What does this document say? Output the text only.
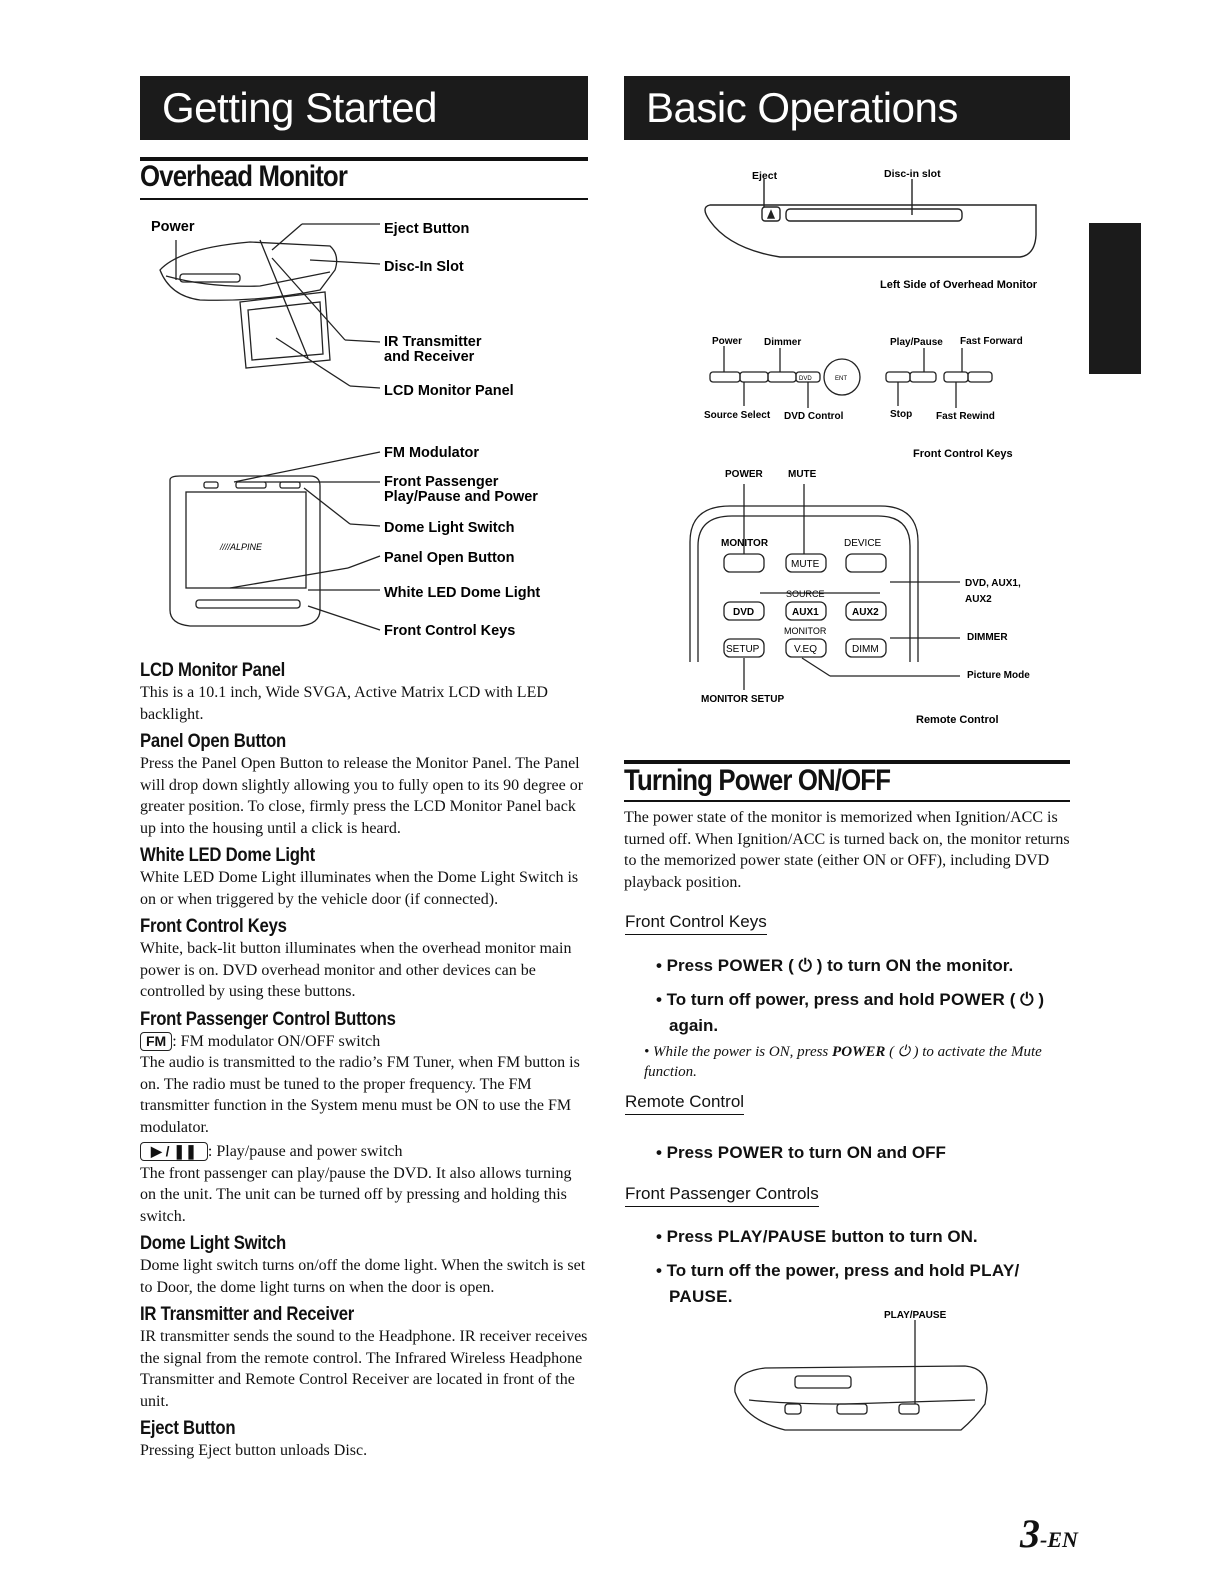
Getting Started
Overhead Monitor
Power	Eject Button
Disc-In Slot
IR Transmitter
and Receiver
LCD Monitor Panel
////ALPINE
FM Modulator
Front Passenger
Play/Pause and Power
Dome Light Switch
Panel Open Button
White LED Dome Light
Front Control Keys
LCD Monitor Panel
This is a 10.1 inch, Wide SVGA, Active Matrix LCD with LED backlight.
Panel Open Button
Press the Panel Open Button to release the Monitor Panel. The Panel will drop down slightly allowing you to fully open to its 90 degree or greater position. To close, firmly press the LCD Monitor Panel back up into the housing until a click is heard.
White LED Dome Light
White LED Dome Light illuminates when the Dome Light Switch is on or when triggered by the vehicle door (if connected).
Front Control Keys
White, back-lit button illuminates when the overhead monitor main power is on. DVD overhead monitor and other devices can be controlled by using these buttons.
Front Passenger Control Buttons
FM : FM modulator ON/OFF switch
The audio is transmitted to the radio’s FM Tuner, when FM button is on. The radio must be tuned to the proper frequency. The FM transmitter function in the System menu must be ON to use the FM modulator.
▶ / ❚❚ : Play/pause and power switch
The front passenger can play/pause the DVD. It also allows turning on the unit. The unit can be turned off by pressing and holding this switch.
Dome Light Switch
Dome light switch turns on/off the dome light. When the switch is set to Door, the dome light turns on when the door is open.
IR Transmitter and Receiver
IR transmitter sends the sound to the Headphone. IR receiver receives the signal from the remote control. The Infrared Wireless Headphone Transmitter and Remote Control Receiver are located in front of the unit.
Eject Button
Pressing Eject button unloads Disc.
Basic Operations
Eject	Disc-in slot
Left Side of Overhead Monitor
DVD	ENT
Power Dimmer	Play/Pause Fast Forward
Source Select DVD Control	Stop Fast Rewind
Front Control Keys
POWER	MUTE
MONITOR	DEVICE
MUTE
SOURCE
DVD	AUX1	AUX2
MONITOR
SETUP	V.EQ	DIMM
DVD, AUX1,
AUX2
DIMMER
Picture Mode
MONITOR SETUP
Remote Control
Turning Power ON/OFF
The power state of the monitor is memorized when Ignition/ACC is turned off. When Ignition/ACC is turned back on, the monitor returns to the memorized power state (either ON or OFF), including DVD playback position.
Front Control Keys
• Press POWER ( ⏻ ) to turn ON the monitor.
• To turn off power, press and hold POWER ( ⏻ )
again.
• While the power is ON, press POWER ( ⏻ ) to activate the Mute function.
Remote Control
• Press POWER to turn ON and OFF
Front Passenger Controls
• Press PLAY/PAUSE button to turn ON.
• To turn off the power, press and hold PLAY/
PAUSE.
PLAY/PAUSE
3-EN
